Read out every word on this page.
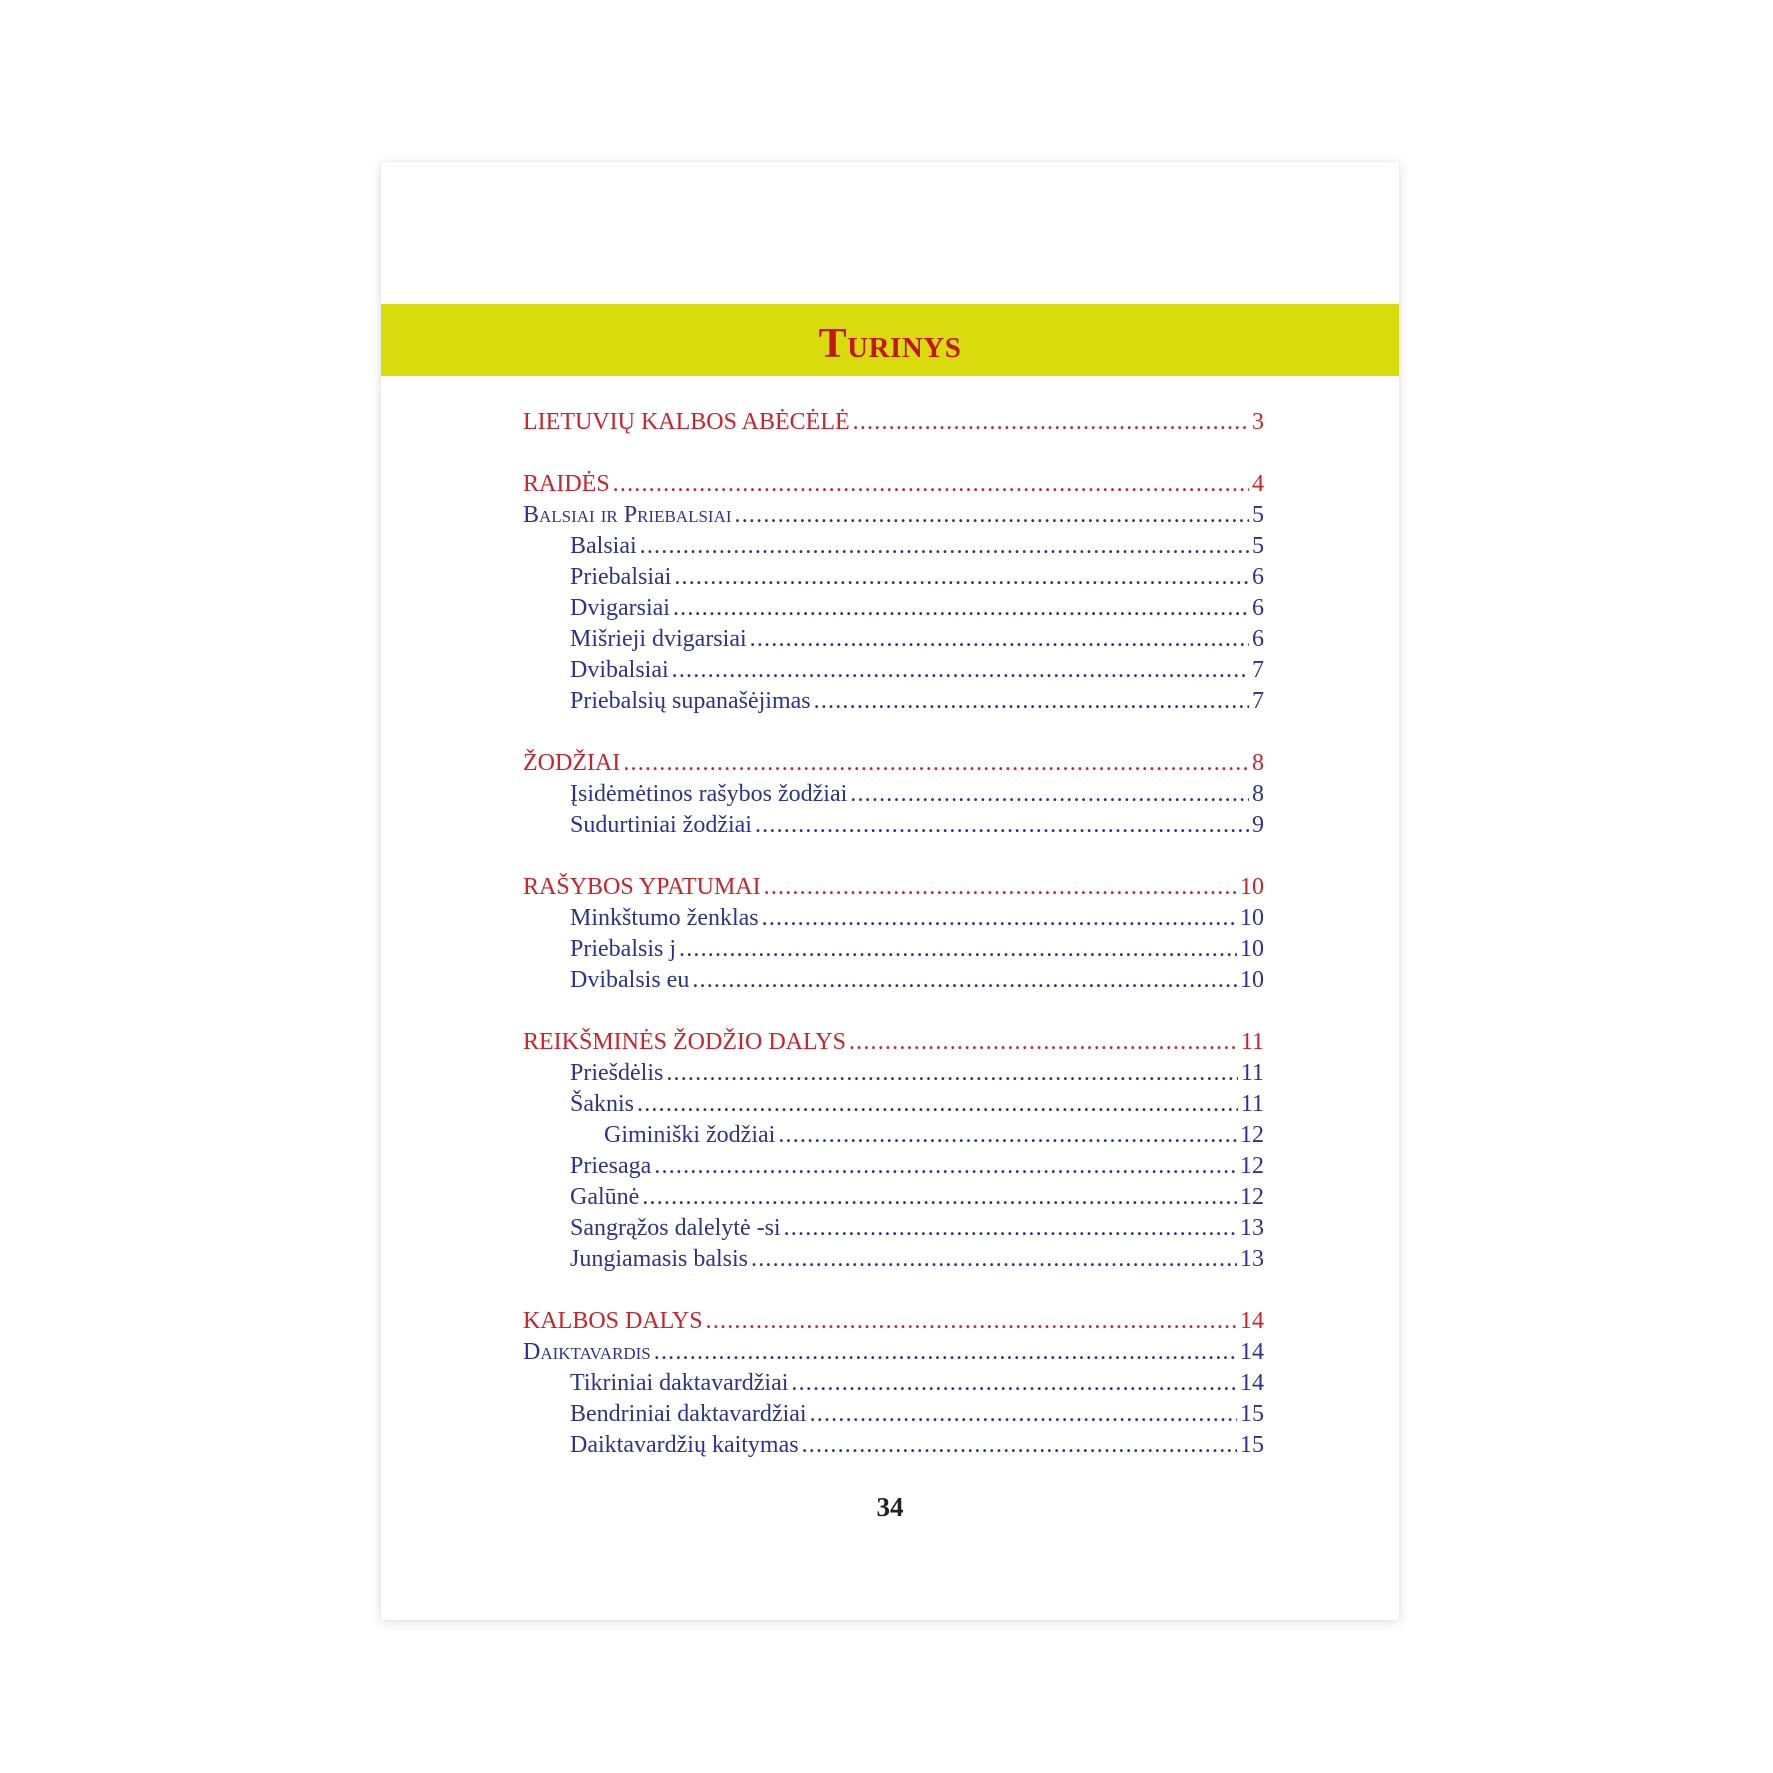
Turinys
LIETUVIŲ KALBOS ABĖCĖLĖ .....	3
RAIDĖS .....	4
Balsiai ir Priebalsiai .....	5
Balsiai .....	5
Priebalsiai .....	6
Dvigarsiai .....	6
Mišrieji dvigarsiai .....	6
Dvibalsiai .....	7
Priebalsių supanašėjimas .....	7
ŽODŽIAI .....	8
Įsidėmėtinos rašybos žodžiai .....	8
Sudurtiniai žodžiai .....	9
RAŠYBOS YPATUMAI .....	10
Minkštumo ženklas .....	10
Priebalsis j .....	10
Dvibalsis eu .....	10
REIKŠMINĖS ŽODŽIO DALYS .....	11
Priešdėlis .....	11
Šaknis .....	11
Giminiški žodžiai .....	12
Priesaga .....	12
Galūnė .....	12
Sangrąžos dalelytė -si .....	13
Jungiamasis balsis .....	13
KALBOS DALYS .....	14
Daiktavardis .....	14
Tikriniai daktavardžiai .....	14
Bendriniai daktavardžiai .....	15
Daiktavardžių kaitymas .....	15
34
